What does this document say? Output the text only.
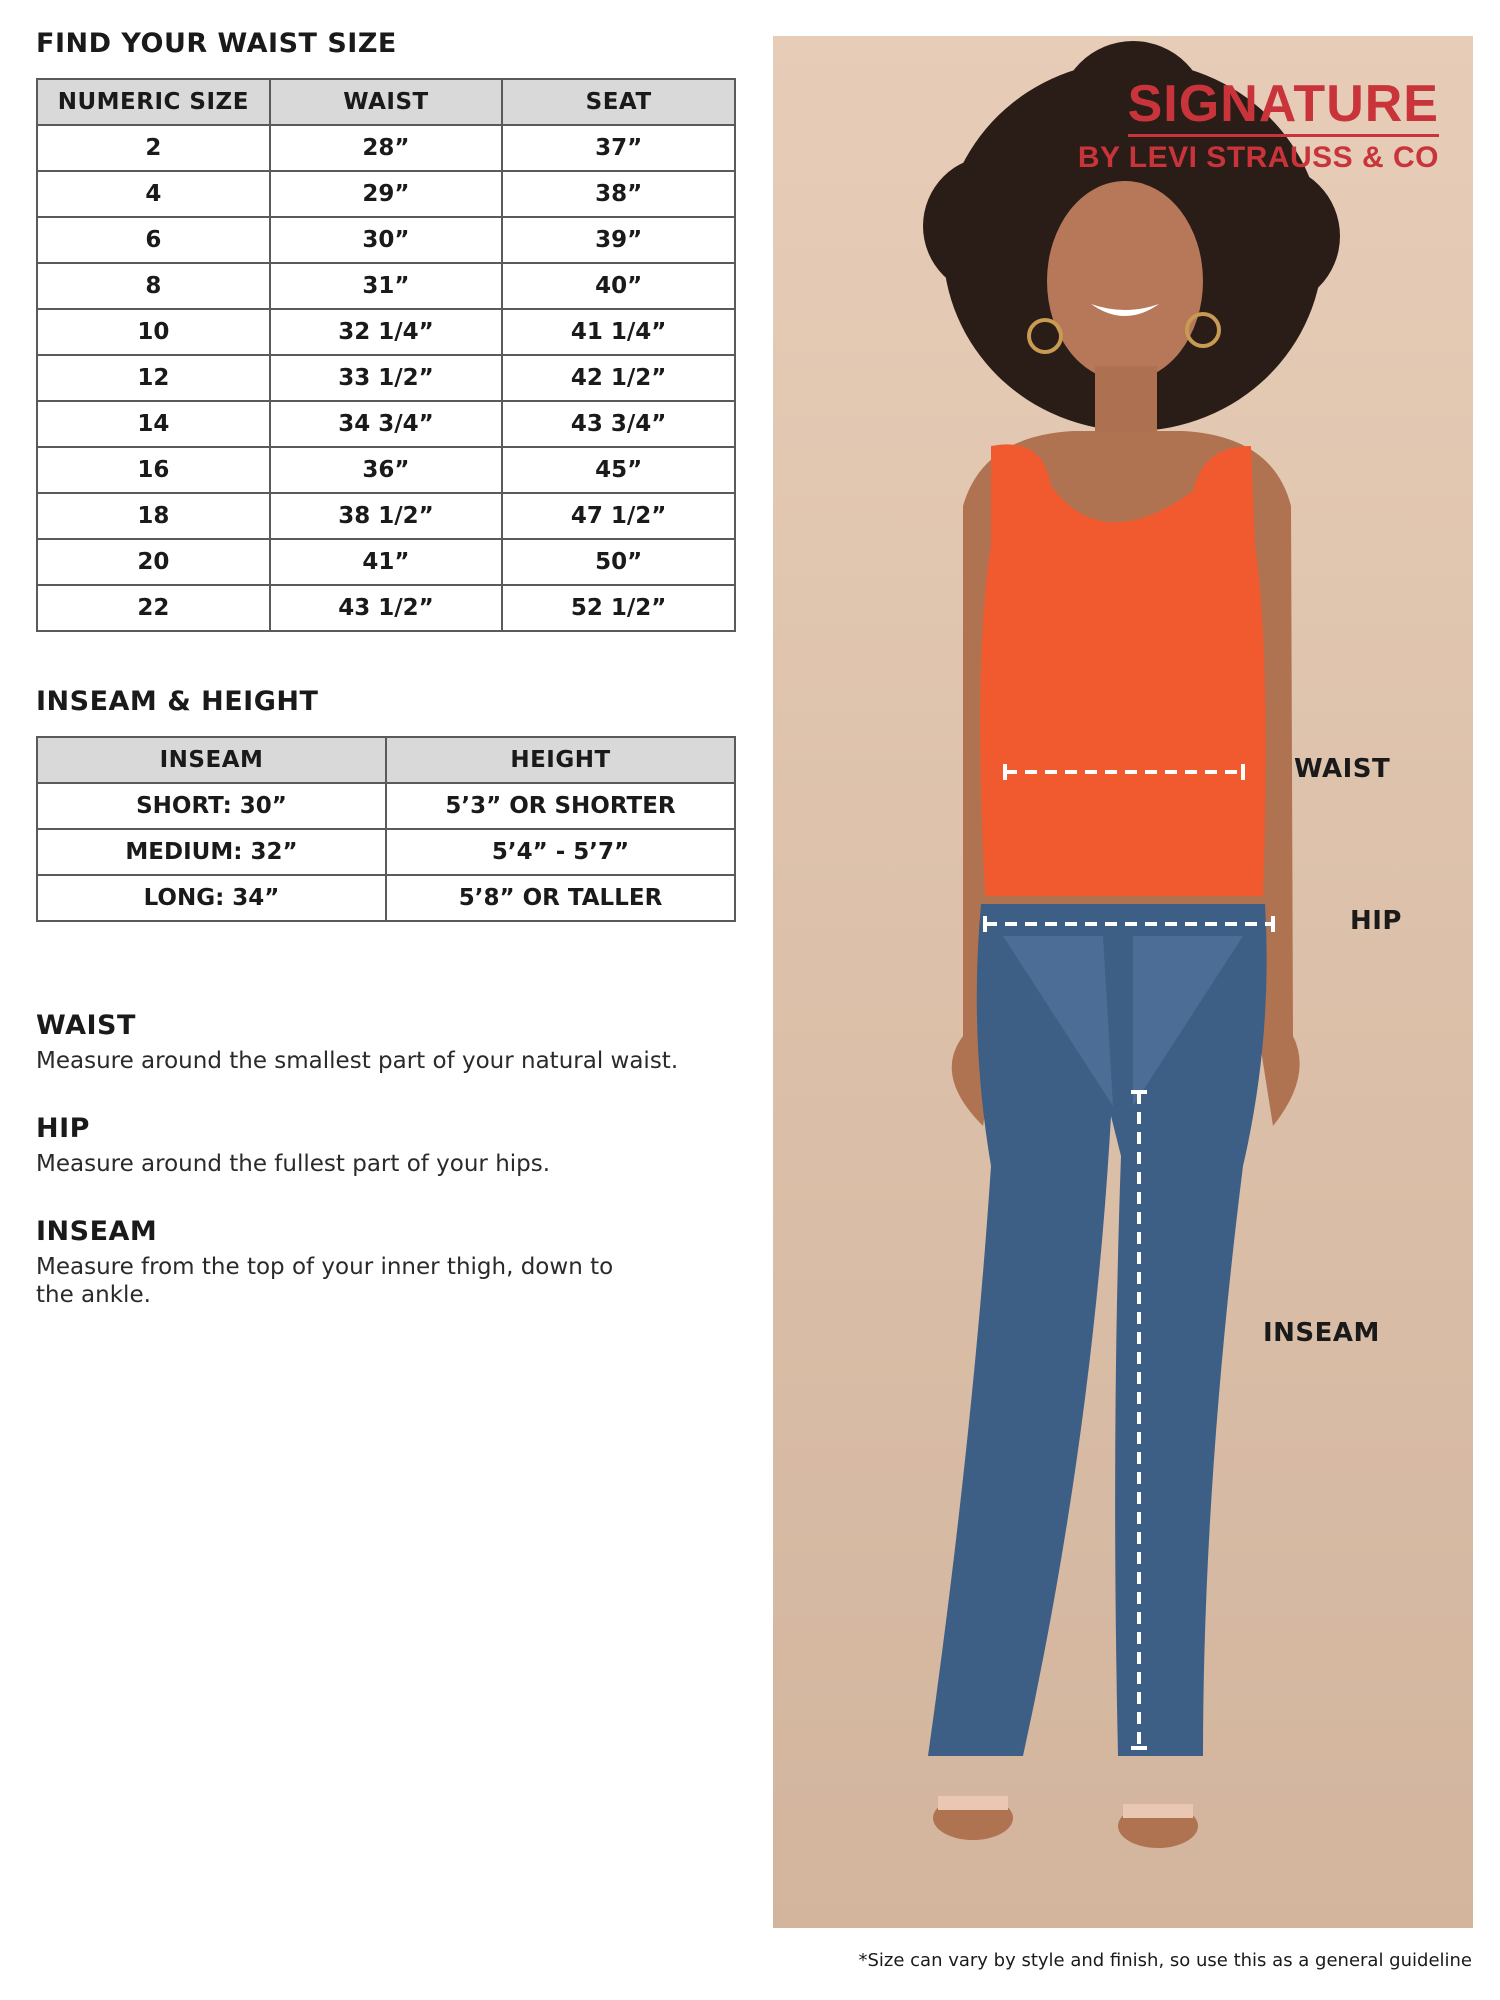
FIND YOUR WAIST SIZE
NUMERIC SIZE	WAIST	SEAT
2	28”	37”
4	29”	38”
6	30”	39”
8	31”	40”
10	32 1/4”	41 1/4”
12	33 1/2”	42 1/2”
14	34 3/4”	43 3/4”
16	36”	45”
18	38 1/2”	47 1/2”
20	41”	50”
22	43 1/2”	52 1/2”
INSEAM & HEIGHT
INSEAM	HEIGHT
SHORT: 30”	5’3” OR SHORTER
MEDIUM: 32”	5’4” - 5’7”
LONG: 34”	5’8” OR TALLER
WAIST

Measure around the smallest part of your natural waist.

HIP

Measure around the fullest part of your hips.

INSEAM

Measure from the top of your inner thigh, down to the ankle.

SIGNATURE
BY LEVI STRAUSS & CO
WAIST
HIP
INSEAM
*Size can vary by style and finish, so use this as a general guideline
